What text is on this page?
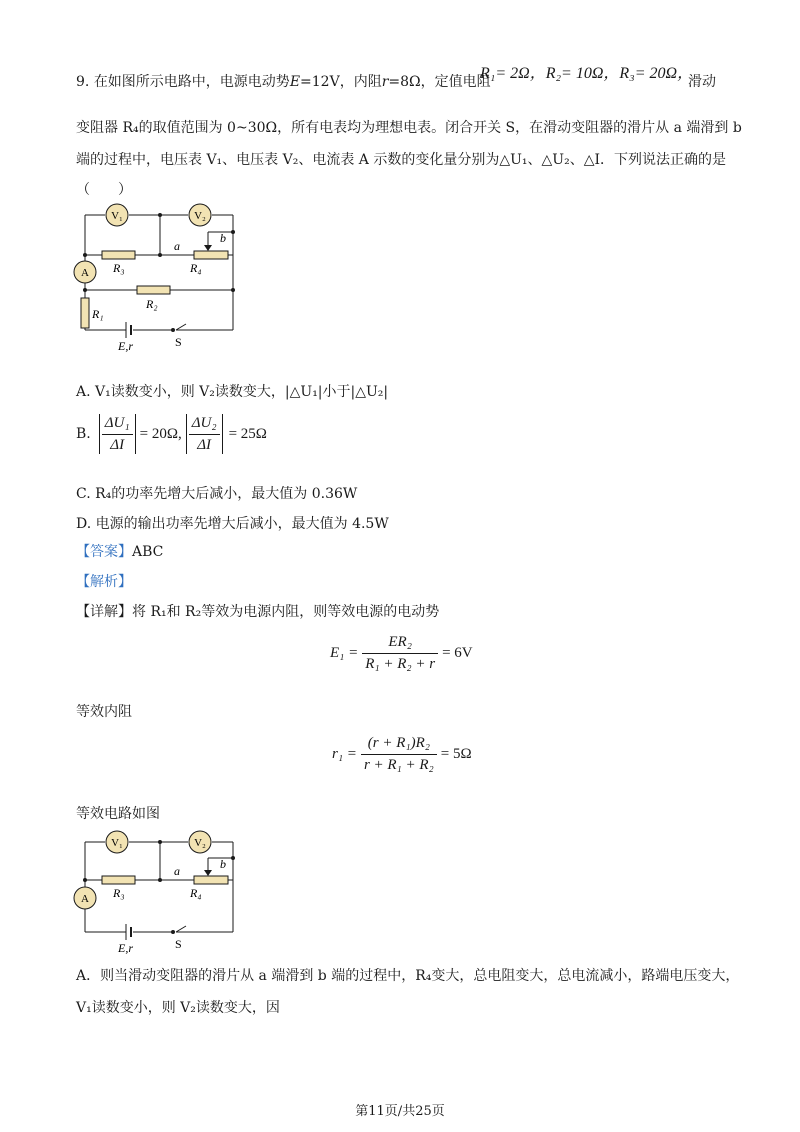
9. 在如图所示电路中，电源电动势E=12V，内阻r=8Ω，定值电阻
R₁= 2Ω，R₂= 10Ω，R₃= 20Ω，
滑动
变阻器 R₄的取值范围为 0~30Ω，所有电表均为理想电表。闭合开关 S，在滑动变阻器的滑片从 a 端滑到 b
端的过程中，电压表 V₁、电压表 V₂、电流表 A 示数的变化量分别为△U₁、△U₂、△I．下列说法正确的是
（　　）
V₁	V₂
A R₃	R₄
R₂
R₁
a
b
E,r	S
A. V₁读数变小，则 V₂读数变大，|△U₁|小于|△U₂|
B. $\frac{\text{ΔU₁}}{\Delta I} = 20\Omega$, $\frac{\text{ΔU₂}}{\Delta I} = 25\Omega$
C. R₄的功率先增大后减小，最大值为 0.36W
D. 电源的输出功率先增大后减小，最大值为 4.5W
【答案】ABC
【解析】
【详解】将 R₁和 R₂等效为电源内阻，则等效电源的电动势
$E_1 = \frac{\text{ER₂}}{\text{R₁ + R₂ + r}} = 6V$
等效内阻
$r_1 = \frac{\text{(r + R₁)R₂}}{\text{r + R₁ + R₂}} = 5\Omega$
等效电路如图
V₁	V₂
A R₃	R₄
a	b
E,r	S
A．则当滑动变阻器的滑片从 a 端滑到 b 端的过程中，R₄变大，总电阻变大，总电流减小，路端电压变大，
V₁读数变小，则 V₂读数变大，因
第11页/共25页
